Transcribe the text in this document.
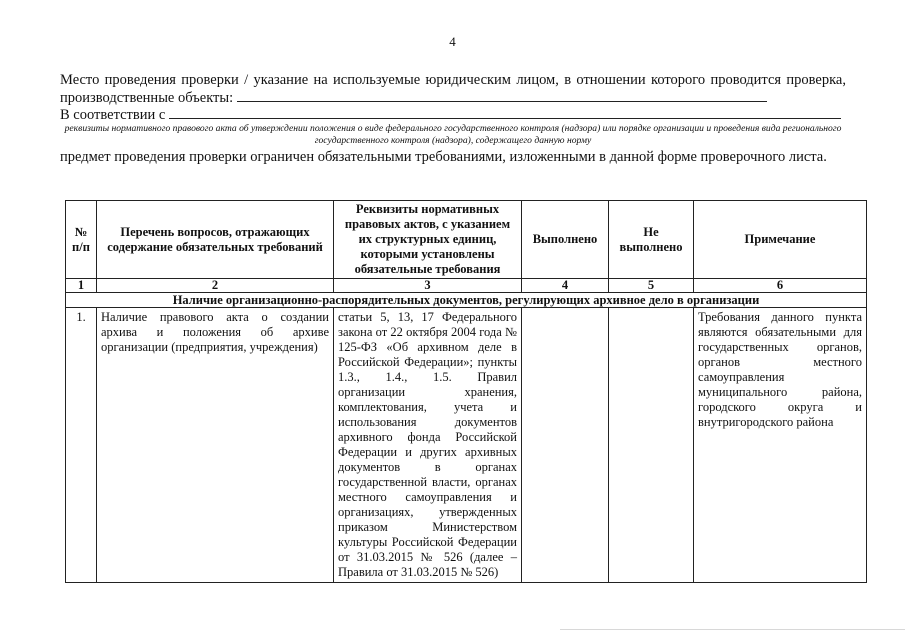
4
Место проведения проверки / указание на используемые юридическим лицом, в отношении которого проводится проверка, производственные объекты:
В соответствии с
реквизиты нормативного правового акта об утверждении положения о виде федерального государственного контроля (надзора) или порядке организации и проведения вида регионального государственного контроля (надзора), содержащего данную норму
предмет проведения проверки ограничен обязательными требованиями, изложенными в данной форме проверочного листа.
№ п/п	Перечень вопросов, отражающих содержание обязательных требований	Реквизиты нормативных правовых актов, с указанием их структурных единиц, которыми установлены обязательные требования	Выполнено	Не выполнено	Примечание
1	2	3	4	5	6
Наличие организационно-распорядительных документов, регулирующих архивное дело в организации					
1.	Наличие правового акта о создании архива и положения об архиве организации (предприятия, учреждения)	статьи 5, 13, 17 Федерального закона от 22 октября 2004 года № 125-ФЗ «Об архивном деле в Российской Федерации»; пункты 1.3., 1.4., 1.5. Правил организации хранения, комплектования, учета и использования документов архивного фонда Российской Федерации и других архивных документов в органах государственной власти, органах местного самоуправления и организациях, утвержденных приказом Министерством культуры Российской Федерации от 31.03.2015 № 526 (далее – Правила от 31.03.2015 № 526)			Требования данного пункта являются обязательными для государственных органов, органов местного самоуправления муниципального района, городского округа и внутригородского района
